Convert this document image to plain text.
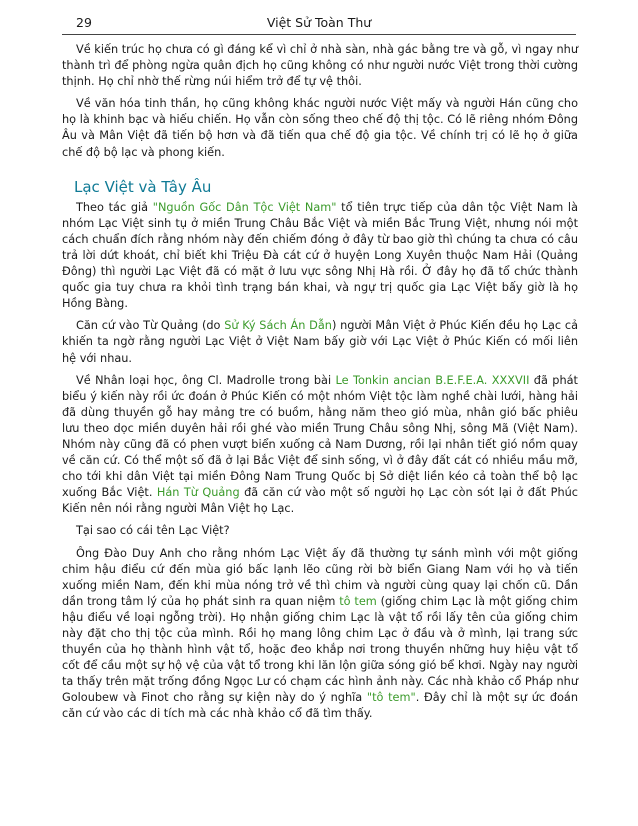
29	Việt Sử Toàn Thư

Về kiến trúc họ chưa có gì đáng kể vì chỉ ở nhà sàn, nhà gác bằng tre và gỗ, vì ngay như thành trì để phòng ngừa quân địch họ cũng không có như người nước Việt trong thời cường thịnh. Họ chỉ nhờ thế rừng núi hiểm trở để tự vệ thôi.

Về văn hóa tinh thần, họ cũng không khác người nước Việt mấy và người Hán cũng cho họ là khinh bạc và hiếu chiến. Họ vẫn còn sống theo chế độ thị tộc. Có lẽ riêng nhóm Đông Âu và Mân Việt đã tiến bộ hơn và đã tiến qua chế độ gia tộc. Về chính trị có lẽ họ ở giữa chế độ bộ lạc và phong kiến.

Lạc Việt và Tây Âu

Theo tác giả "Nguồn Gốc Dân Tộc Việt Nam" tổ tiên trực tiếp của dân tộc Việt Nam là nhóm Lạc Việt sinh tụ ở miền Trung Châu Bắc Việt và miền Bắc Trung Việt, nhưng nói một cách chuẩn đích rằng nhóm này đến chiếm đóng ở đây từ bao giờ thì chúng ta chưa có câu trả lời dứt khoát, chỉ biết khi Triệu Đà cát cứ ở huyện Long Xuyên thuộc Nam Hải (Quảng Đông) thì người Lạc Việt đã có mặt ở lưu vực sông Nhị Hà rồi. Ở đây họ đã tổ chức thành quốc gia tuy chưa ra khỏi tình trạng bán khai, và ngự trị quốc gia Lạc Việt bấy giờ là họ Hồng Bàng.

Căn cứ vào Từ Quảng (do Sử Ký Sách Án Dẫn) người Mân Việt ở Phúc Kiến đều họ Lạc cả khiến ta ngờ rằng người Lạc Việt ở Việt Nam bấy giờ với Lạc Việt ở Phúc Kiến có mối liên hệ với nhau.

Về Nhân loại học, ông Cl. Madrolle trong bài Le Tonkin ancian B.E.F.E.A. XXXVII đã phát biểu ý kiến này rồi ức đoán ở Phúc Kiến có một nhóm Việt tộc làm nghề chài lưới, hàng hải đã dùng thuyền gỗ hay mảng tre có buồm, hằng năm theo gió mùa, nhân gió bấc phiêu lưu theo dọc miền duyên hải rồi ghé vào miền Trung Châu sông Nhị, sông Mã (Việt Nam). Nhóm này cũng đã có phen vượt biển xuống cả Nam Dương, rồi lại nhân tiết gió nồm quay về căn cứ. Có thể một số đã ở lại Bắc Việt để sinh sống, vì ở đây đất cát có nhiều mầu mỡ, cho tới khi dân Việt tại miền Đông Nam Trung Quốc bị Sở diệt liền kéo cả toàn thể bộ lạc xuống Bắc Việt. Hán Từ Quảng đã căn cứ vào một số người họ Lạc còn sót lại ở đất Phúc Kiến nên nói rằng người Mân Việt họ Lạc.

Tại sao có cái tên Lạc Việt?

Ông Đào Duy Anh cho rằng nhóm Lạc Việt ấy đã thường tự sánh mình với một giống chim hậu điểu cứ đến mùa gió bấc lạnh lẽo cũng rời bờ biển Giang Nam với họ và tiến xuống miền Nam, đến khi mùa nóng trở về thì chim và người cùng quay lại chốn cũ. Dần dần trong tâm lý của họ phát sinh ra quan niệm tô tem (giống chim Lạc là một giống chim hậu điểu về loại ngỗng trời). Họ nhận giống chim Lạc là vật tổ rồi lấy tên của giống chim này đặt cho thị tộc của mình. Rồi họ mang lông chim Lạc ở đầu và ở mình, lại trang sức thuyền của họ thành hình vật tổ, hoặc đeo khắp nơi trong thuyền những huy hiệu vật tổ cốt để cầu một sự hộ vệ của vật tổ trong khi lăn lộn giữa sóng gió bể khơi. Ngày nay người ta thấy trên mặt trống đồng Ngọc Lư có chạm các hình ảnh này. Các nhà khảo cổ Pháp như Goloubew và Finot cho rằng sự kiện này do ý nghĩa "tô tem". Đây chỉ là một sự ức đoán căn cứ vào các di tích mà các nhà khảo cổ đã tìm thấy.
